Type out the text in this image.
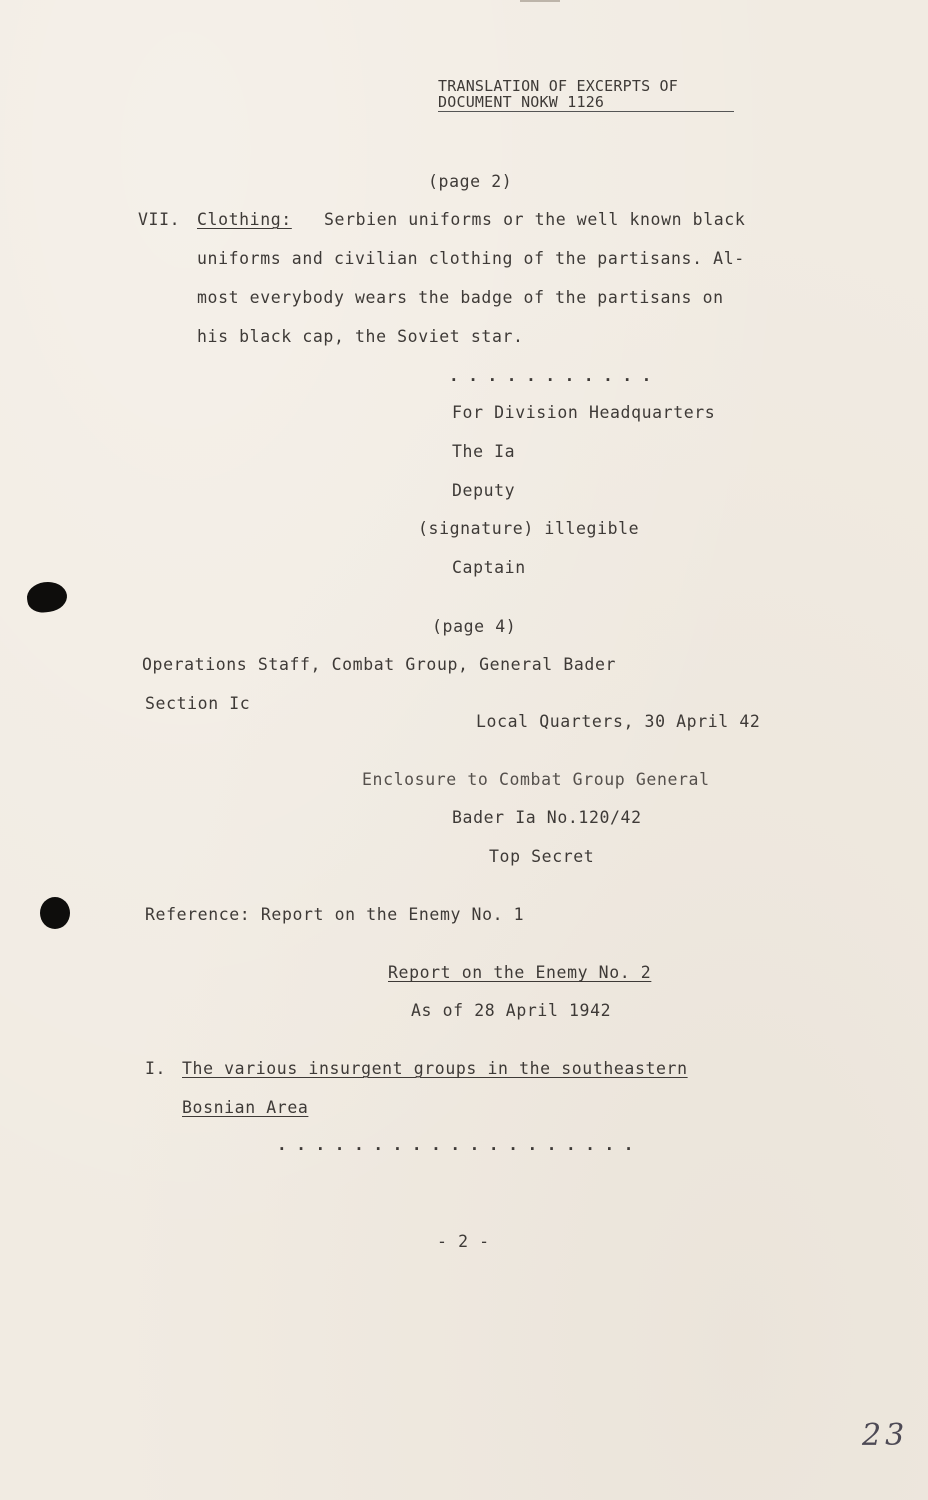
TRANSLATION OF EXCERPTS OF
DOCUMENT NOKW 1126
(page 2)
VII. Clothing: Serbien uniforms or the well known black
uniforms and civilian clothing of the partisans. Al-
most everybody wears the badge of the partisans on
his black cap, the Soviet star.
. . . . . . . . . . .
For Division Headquarters
The Ia
Deputy
(signature) illegible
Captain
(page 4)
Operations Staff, Combat Group, General Bader
Section Ic
Local Quarters, 30 April 42
Enclosure to Combat Group General
Bader Ia No.120/42
Top Secret
Reference: Report on the Enemy No. 1
Report on the Enemy No. 2
As of 28 April 1942
I. The various insurgent groups in the southeastern
Bosnian Area
. . . . . . . . . . . . . . . . . . .
- 2 -
23
